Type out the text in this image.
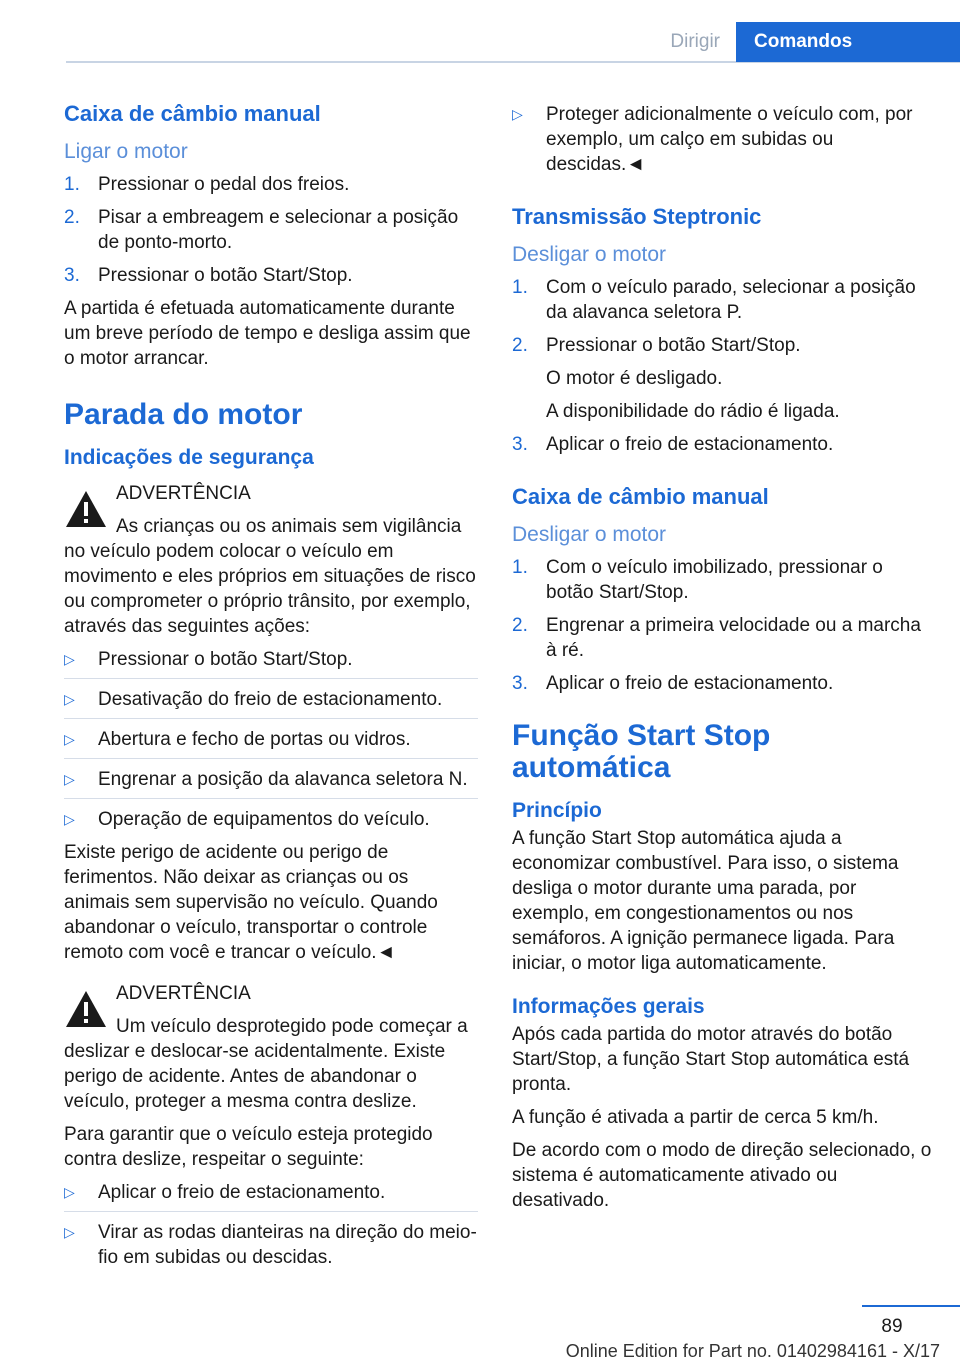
Dirigir	Comandos
Caixa de câmbio manual
Ligar o motor
1. Pressionar o pedal dos freios.
2. Pisar a embreagem e selecionar a posição de ponto-morto.
3. Pressionar o botão Start/Stop.

A partida é efetuada automaticamente durante um breve período de tempo e desliga assim que o motor arrancar.

Parada do motor
Indicações de segurança
ADVERTÊNCIA
As crianças ou os animais sem vigilância no veículo podem colocar o veículo em movimento e eles próprios em situações de risco ou comprometer o próprio trânsito, por exemplo, através das seguintes ações:
▷	Pressionar o botão Start/Stop.
▷	Desativação do freio de estacionamento.
▷	Abertura e fecho de portas ou vidros.
▷	Engrenar a posição da alavanca seletora N.
▷	Operação de equipamentos do veículo.

Existe perigo de acidente ou perigo de ferimentos. Não deixar as crianças ou os animais sem supervisão no veículo. Quando abandonar o veículo, transportar o controle remoto com você e trancar o veículo.◄

ADVERTÊNCIA
Um veículo desprotegido pode começar a deslizar e deslocar-se acidentalmente. Existe perigo de acidente. Antes de abandonar o veículo, proteger a mesma contra deslize.

Para garantir que o veículo esteja protegido contra deslize, respeitar o seguinte:

▷	Aplicar o freio de estacionamento.
▷	Virar as rodas dianteiras na direção do meio-fio em subidas ou descidas.
▷	Proteger adicionalmente o veículo com, por exemplo, um calço em subidas ou descidas.◄
Transmissão Steptronic
Desligar o motor
1. Com o veículo parado, selecionar a posição da alavanca seletora P.
2. Pressionar o botão Start/Stop.
O motor é desligado.
A disponibilidade do rádio é ligada.
3. Aplicar o freio de estacionamento.
Caixa de câmbio manual
Desligar o motor
1. Com o veículo imobilizado, pressionar o botão Start/Stop.
2. Engrenar a primeira velocidade ou a marcha à ré.
3. Aplicar o freio de estacionamento.
Função Start Stop automática
Princípio

A função Start Stop automática ajuda a economizar combustível. Para isso, o sistema desliga o motor durante uma parada, por exemplo, em congestionamentos ou nos semáforos. A ignição permanece ligada. Para iniciar, o motor liga automaticamente.

Informações gerais

Após cada partida do motor através do botão Start/Stop, a função Start Stop automática está pronta.

A função é ativada a partir de cerca 5 km/h.

De acordo com o modo de direção selecionado, o sistema é automaticamente ativado ou desativado.

89
Online Edition for Part no. 01402984161 - X/17
